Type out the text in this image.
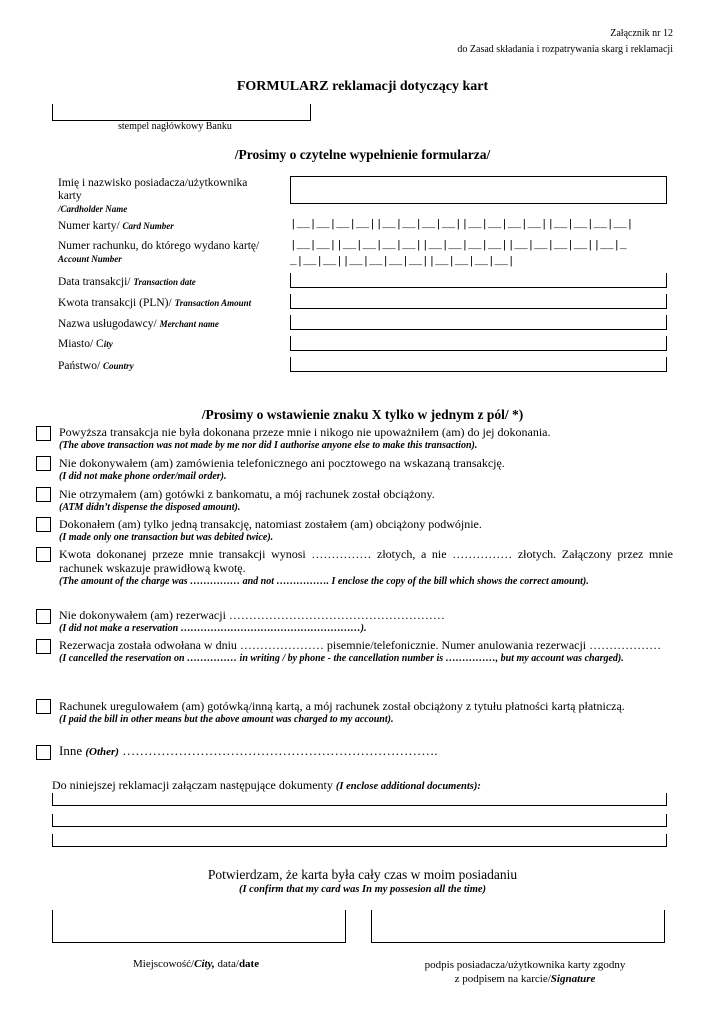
Załącznik nr 12
do Zasad składania i rozpatrywania skarg i reklamacji
FORMULARZ reklamacji dotyczący kart
stempel nagłówkowy Banku
/Prosimy o czytelne wypełnienie formularza/
Imię i nazwisko posiadacza/użytkownika karty
/Cardholder Name
Numer karty/ Card Number	|__|__|__|__||__|__|__|__||__|__|__|__||__|__|__|__|
Numer rachunku, do którego wydano kartę/
Account Number
|__|__||__|__|__|__||__|__|__|__||__|__|__|__||__|_
_|__|__||__|__|__|__||__|__|__|__|
Data transakcji/ Transaction date
Kwota transakcji (PLN)/ Transaction Amount
Nazwa usługodawcy/ Merchant name
Miasto/ City
Państwo/ Country
/Prosimy o wstawienie znaku X tylko w jednym z pól/ *)
Powyższa transakcja nie była dokonana przeze mnie i nikogo nie upoważniłem (am) do jej dokonania.
(The above transaction was not made by me nor did I authorise anyone else to make this transaction).
Nie dokonywałem (am) zamówienia telefonicznego ani pocztowego na wskazaną transakcję.
(I did not make phone order/mail order).
Nie otrzymałem (am) gotówki z bankomatu, a mój rachunek został obciążony.
(ATM didn’t dispense the disposed amount).
Dokonałem (am) tylko jedną transakcję, natomiast zostałem (am) obciążony podwójnie.
(I made only one transaction but was debited twice).
Kwota dokonanej przeze mnie transakcji wynosi …………… złotych, a nie …………… złotych. Załączony przez mnie rachunek wskazuje prawidłową kwotę.
(The amount of the charge was …………… and not ……………. I enclose the copy of the bill which shows the correct amount).
Nie dokonywałem (am) rezerwacji ………………………………………………
(I did not make a reservation ………………………………………………).
Rezerwacja została odwołana w dniu ………………… pisemnie/telefonicznie. Numer anulowania rezerwacji ………………
(I cancelled the reservation on …………… in writing / by phone - the cancellation number is ……………, but my account was charged).
Rachunek uregulowałem (am) gotówką/inną kartą, a mój rachunek został obciążony z tytułu płatności kartą płatniczą.
(I paid the bill in other means but the above amount was charged to my account).
Inne (Other) ……………………………………………………………….
Do niniejszej reklamacji załączam następujące dokumenty (I enclose additional documents):
Potwierdzam, że karta była cały czas w moim posiadaniu
(I confirm that my card was In my possesion all the time)
Miejscowość/City, data/date	podpis posiadacza/użytkownika karty zgodny
z podpisem na karcie/Signature
